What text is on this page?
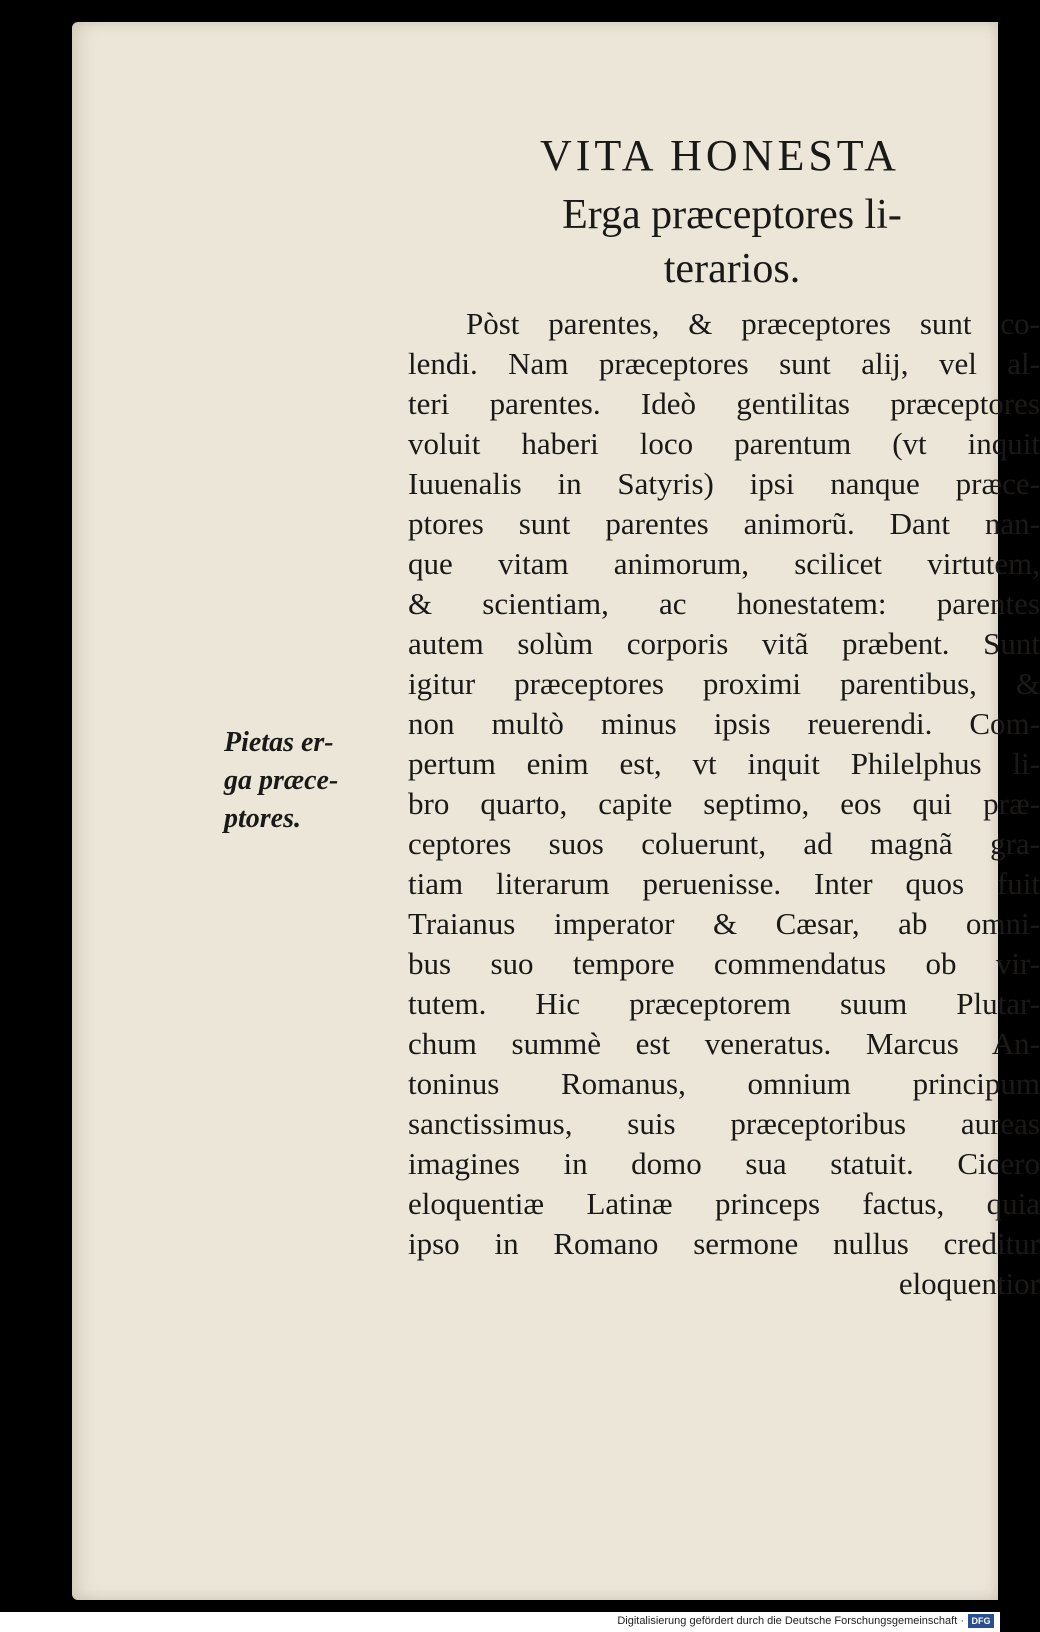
VITA HONESTA
Erga præceptores li-
terarios.
Pietas er-
ga præce-
ptores.
Pòst parentes, & præceptores sunt co-
lendi. Nam præceptores sunt alij, vel al-
teri parentes. Ideò gentilitas præceptores
voluit haberi loco parentum (vt inquit
Iuuenalis in Satyris) ipsi nanque præce-
ptores sunt parentes animorũ. Dant nan-
que vitam animorum, scilicet virtutem,
& scientiam, ac honestatem: parentes
autem solùm corporis vitã præbent. Sunt
igitur præceptores proximi parentibus, &
non multò minus ipsis reuerendi. Com-
pertum enim est, vt inquit Philelphus li-
bro quarto, capite septimo, eos qui præ-
ceptores suos coluerunt, ad magnã gra-
tiam literarum peruenisse. Inter quos fuit
Traianus imperator & Cæsar, ab omni-
bus suo tempore commendatus ob vir-
tutem. Hic præceptorem suum Plutar-
chum summè est veneratus. Marcus An-
toninus Romanus, omnium principum
sanctissimus, suis præceptoribus aureas
imagines in domo sua statuit. Cicero
eloquentiæ Latinæ princeps factus, quia
ipso in Romano sermone nullus creditur
eloquentior
Digitalisierung gefördert durch die Deutsche Forschungsgemeinschaft · DFG
